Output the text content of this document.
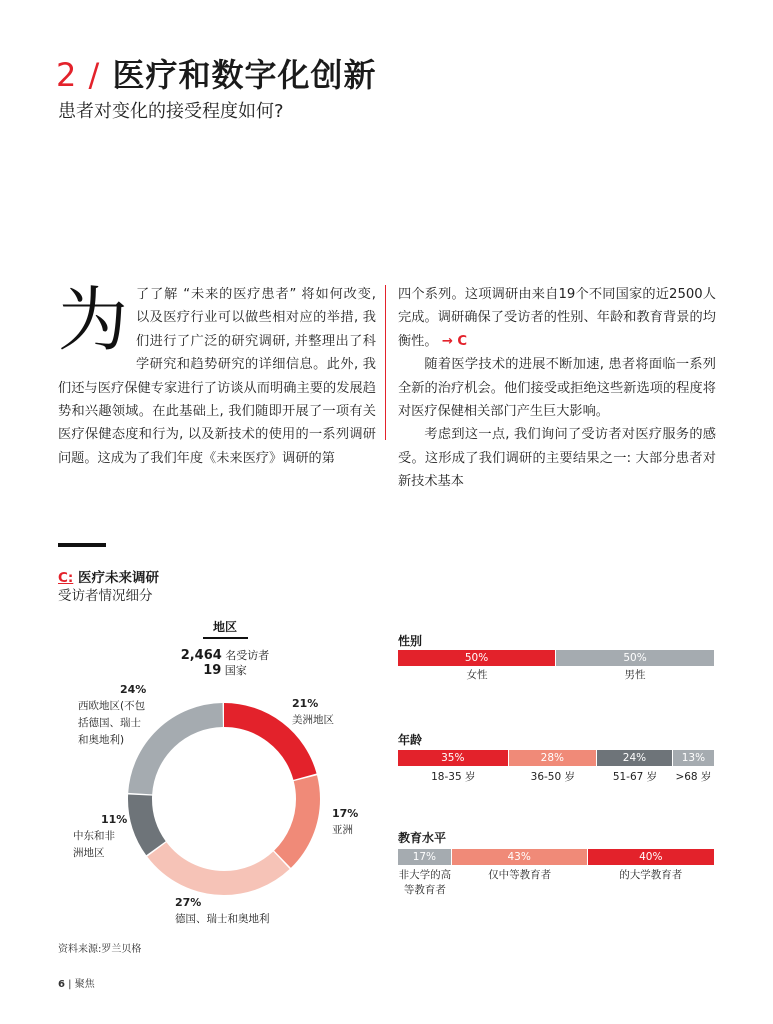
2 / 医疗和数字化创新
患者对变化的接受程度如何?
为 了了解 “未来的医疗患者” 将如何改变, 以及医疗行业可以做些相对应的举措, 我们进行了广泛的研究调研, 并整理出了科学研究和趋势研究的详细信息。此外, 我们还与医疗保健专家进行了访谈从而明确主要的发展趋势和兴趣领域。在此基础上, 我们随即开展了一项有关医疗保健态度和行为, 以及新技术的使用的一系列调研问题。这成为了我们年度《未来医疗》调研的第

四个系列。这项调研由来自19个不同国家的近2500人完成。调研确保了受访者的性别、年龄和教育背景的均衡性。 → C

随着医学技术的进展不断加速, 患者将面临一系列全新的治疗机会。他们接受或拒绝这些新选项的程度将对医疗保健相关部门产生巨大影响。

考虑到这一点, 我们询问了受访者对医疗服务的感受。这形成了我们调研的主要结果之一: 大部分患者对新技术基本

C: 医疗未来调研
受访者情况细分
地区
2,464 名受访者
19 国家
21%
美洲地区
17%
亚洲
27%
德国、瑞士和奥地利
11%
中东和非洲地区
24%
西欧地区(不包括德国、瑞士和奥地利)
性别
50%	50%
年龄
35%	28%	24%	13%
教育水平
17%	43%	40%
资料来源:罗兰贝格
6 | 聚焦
女性	男性
18-35 岁	36-50 岁	51-67 岁	>68 岁
非大学的高等教育者
仅中等教育者	的大学教育者
